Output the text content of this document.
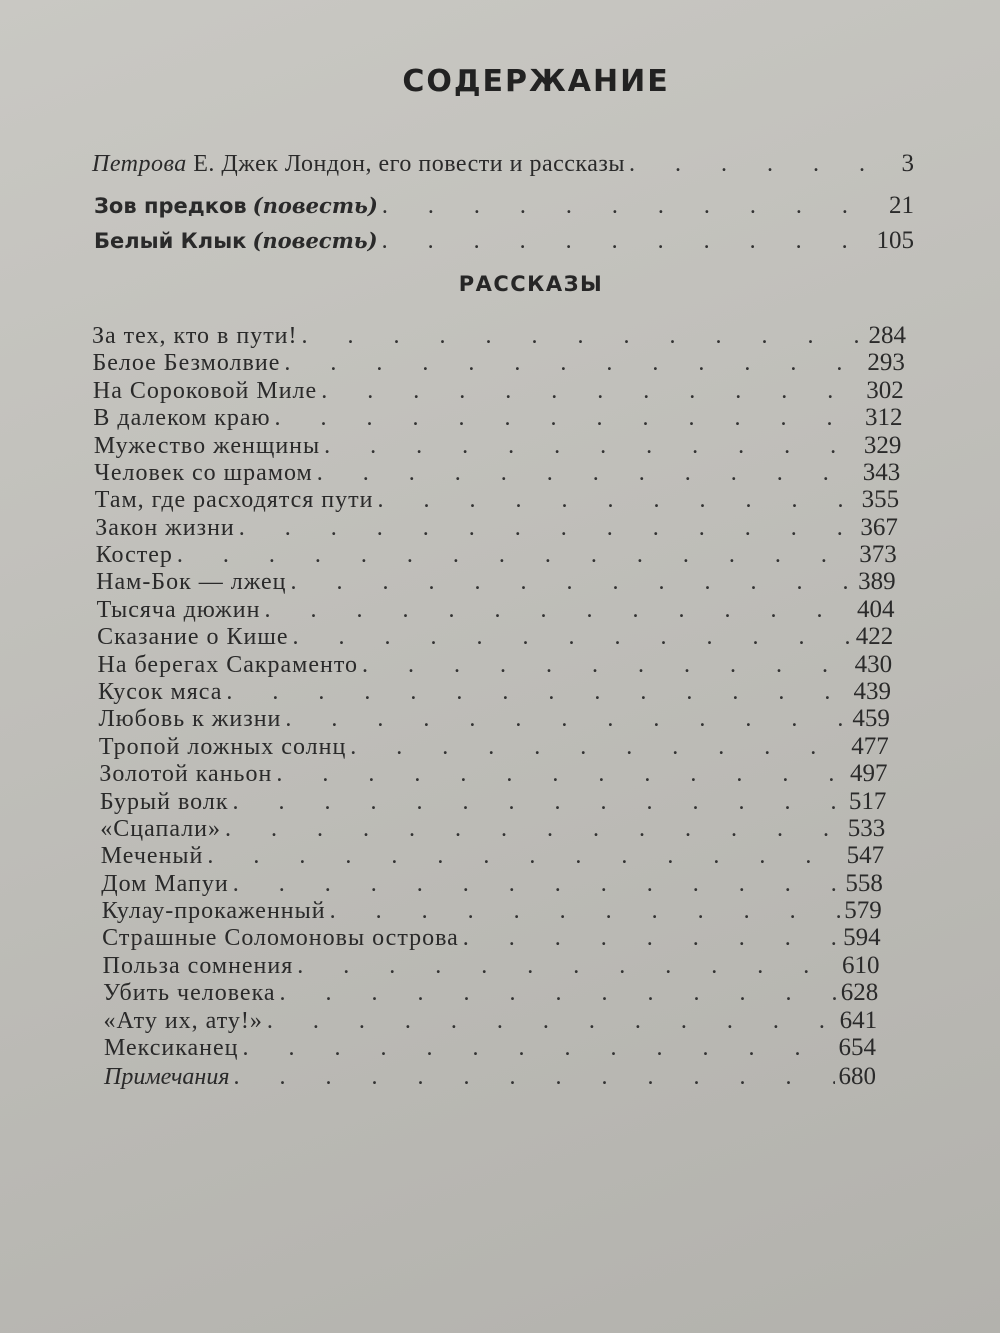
СОДЕРЖАНИЕ
Петрова Е. Джек Лондон, его повести и рассказы . . .	3
Зов предков (повесть) . . .	21
Белый Клык (повесть) . . .	105
РАССКАЗЫ
За тех, кто в пути! . . .	284
Белое Безмолвие . . .	293
На Сороковой Миле . . .	302
В далеком краю . . .	312
Мужество женщины . . .	329
Человек со шрамом . . .	343
Там, где расходятся пути . . .	355
Закон жизни . . .	367
Костер . . .	373
Нам-Бок — лжец . . .	389
Тысяча дюжин . . .	404
Сказание о Кише . . .	422
На берегах Сакраменто . . .	430
Кусок мяса . . .	439
Любовь к жизни . . .	459
Тропой ложных солнц . . .	477
Золотой каньон . . .	497
Бурый волк . . .	517
«Сцапали» . . .	533
Меченый . . .	547
Дом Мапуи . . .	558
Кулау-прокаженный . . .	579
Страшные Соломоновы острова . . .	594
Польза сомнения . . .	610
Убить человека . . .	628
«Ату их, ату!» . . .	641
Мексиканец . . .	654
Примечания . . .	680
